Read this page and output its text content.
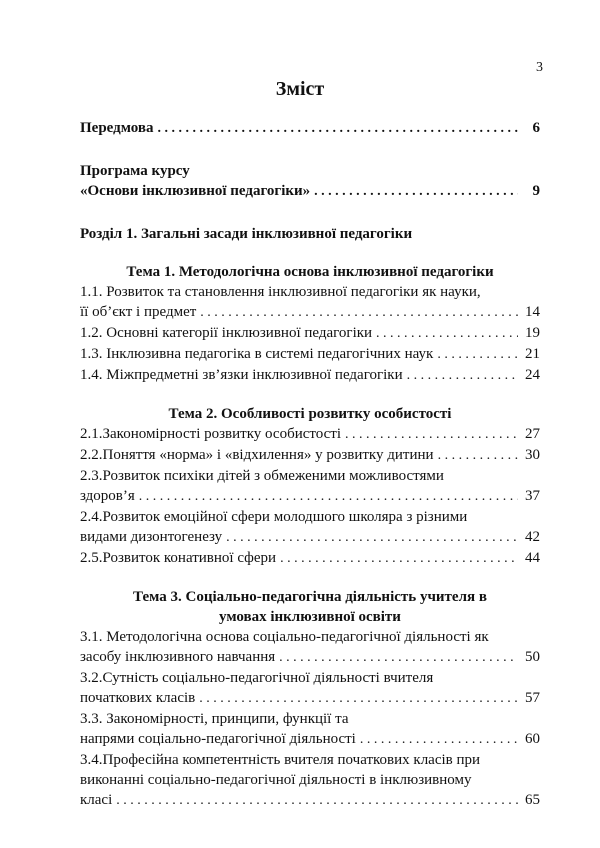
3
Зміст
Передмова . . .	6
Програма курсу
«Основи інклюзивної педагогіки» . . .	9
Розділ 1. Загальні засади інклюзивної педагогіки
Тема 1. Методологічна основа інклюзивної педагогіки
1.1. Розвиток та становлення інклюзивної педагогіки як науки,
її об’єкт і предмет . . .	14
1.2. Основні категорії інклюзивної педагогіки . . .	19
1.3. Інклюзивна педагогіка в системі педагогічних наук . . .	21
1.4. Міжпредметні зв’язки інклюзивної педагогіки . . .	24
Тема 2. Особливості розвитку особистості
2.1.Закономірності розвитку особистості . . .	27
2.2.Поняття «норма» і «відхилення» у розвитку дитини . . .	30
2.3.Розвиток психіки дітей з обмеженими можливостями
здоров’я . . .	37
2.4.Розвиток емоційної сфери молодшого школяра з різними
видами дизонтогенезу . . .	42
2.5.Розвиток конативної сфери . . .	44
Тема 3. Соціально-педагогічна діяльність учителя в
умовах інклюзивної освіти
3.1. Методологічна основа соціально-педагогічної діяльності як
засобу інклюзивного навчання . . .	50
3.2.Сутність соціально-педагогічної діяльності вчителя
початкових класів . . .	57
3.3. Закономірності, принципи, функції та
напрями соціально-педагогічної діяльності . . .	60
3.4.Професійна компетентність вчителя початкових класів при
виконанні соціально-педагогічної діяльності в інклюзивному
класі . . .	65
